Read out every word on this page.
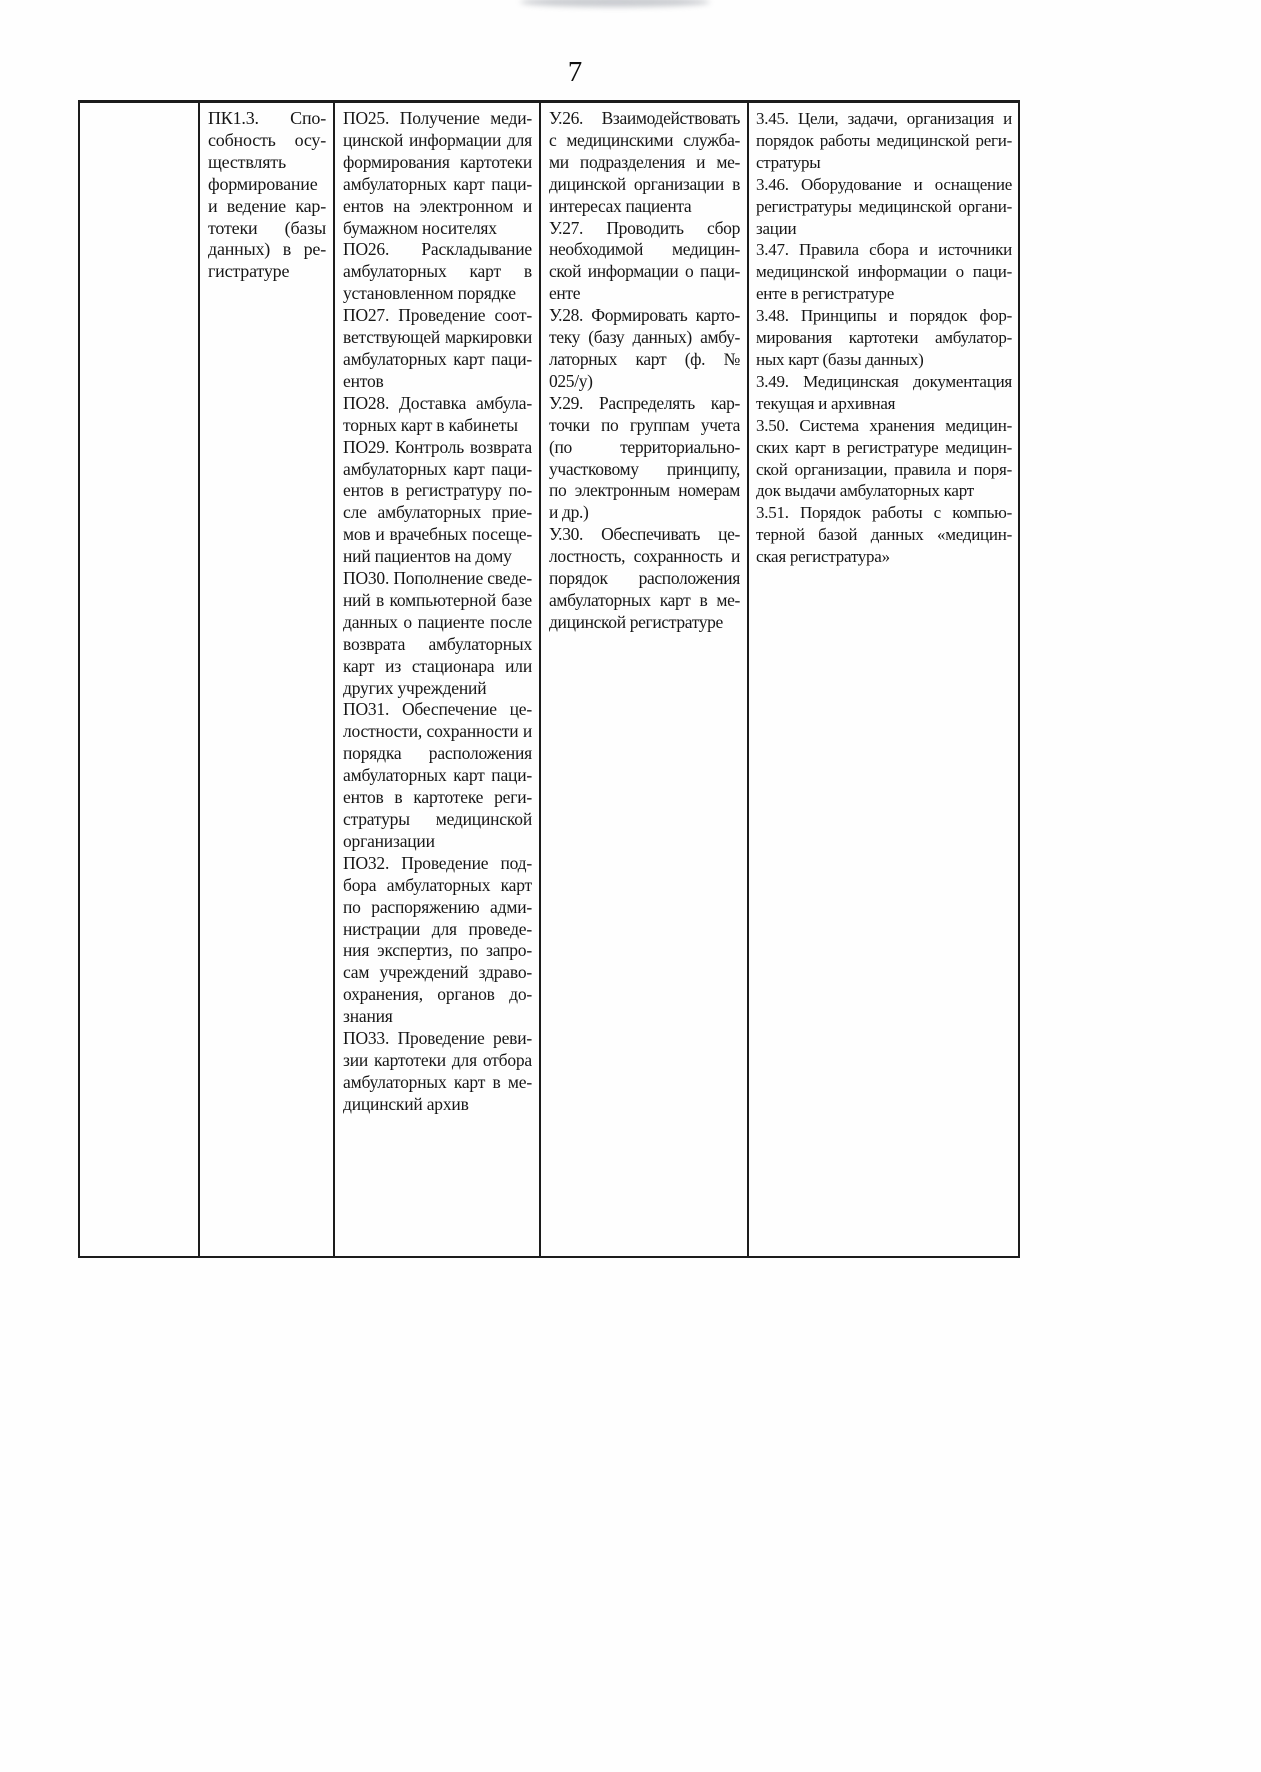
7
ПК1.3. Спо-
собность осу-
ществлять
формирование
и ведение кар-
тотеки (базы
данных) в ре-
гистратуре
ПО25. Получение меди-
цинской информации для
формирования картотеки
амбулаторных карт паци-
ентов на электронном и
бумажном носителях
ПО26. Раскладывание
амбулаторных карт в
установленном порядке
ПО27. Проведение соот-
ветствующей маркировки
амбулаторных карт паци-
ентов
ПО28. Доставка амбула-
торных карт в кабинеты
ПО29. Контроль возврата
амбулаторных карт паци-
ентов в регистратуру по-
сле амбулаторных прие-
мов и врачебных посеще-
ний пациентов на дому
ПО30. Пополнение сведе-
ний в компьютерной базе
данных о пациенте после
возврата амбулаторных
карт из стационара или
других учреждений
ПО31. Обеспечение це-
лостности, сохранности и
порядка расположения
амбулаторных карт паци-
ентов в картотеке реги-
стратуры медицинской
организации
ПО32. Проведение под-
бора амбулаторных карт
по распоряжению адми-
нистрации для проведе-
ния экспертиз, по запро-
сам учреждений здраво-
охранения, органов до-
знания
ПО33. Проведение реви-
зии картотеки для отбора
амбулаторных карт в ме-
дицинский архив
У.26. Взаимодействовать
с медицинскими служба-
ми подразделения и ме-
дицинской организации в
интересах пациента
У.27. Проводить сбор
необходимой медицин-
ской информации о паци-
енте
У.28. Формировать карто-
теку (базу данных) амбу-
латорных карт (ф. №
025/у)
У.29. Распределять кар-
точки по группам учета
(по территориально-
участковому принципу,
по электронным номерам
и др.)
У.30. Обеспечивать це-
лостность, сохранность и
порядок расположения
амбулаторных карт в ме-
дицинской регистратуре
3.45. Цели, задачи, организация и
порядок работы медицинской реги-
стратуры
3.46. Оборудование и оснащение
регистратуры медицинской органи-
зации
3.47. Правила сбора и источники
медицинской информации о паци-
енте в регистратуре
3.48. Принципы и порядок фор-
мирования картотеки амбулатор-
ных карт (базы данных)
3.49. Медицинская документация
текущая и архивная
3.50. Система хранения медицин-
ских карт в регистратуре медицин-
ской организации, правила и поря-
док выдачи амбулаторных карт
3.51. Порядок работы с компью-
терной базой данных «медицин-
ская регистратура»
